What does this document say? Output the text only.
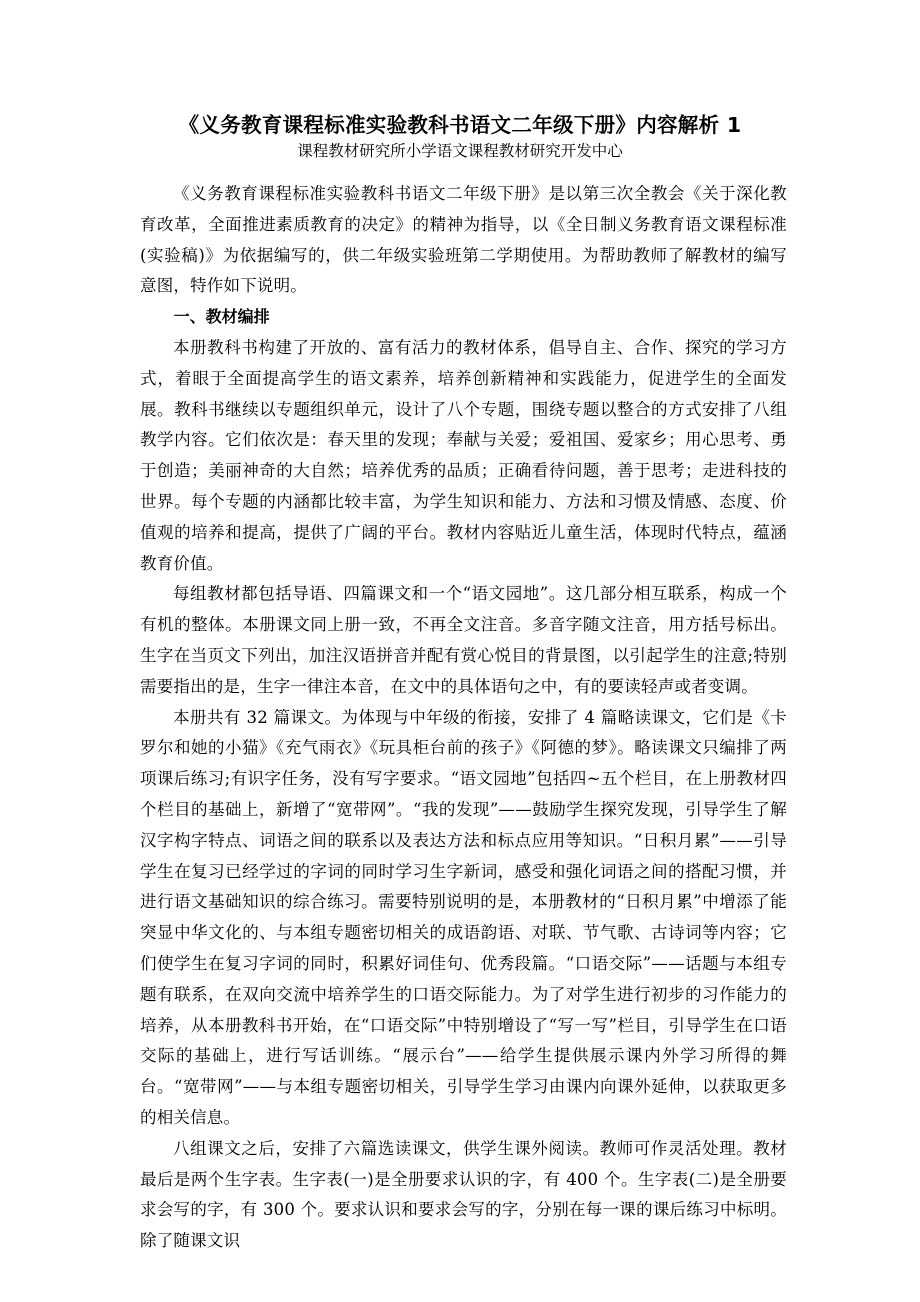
《义务教育课程标准实验教科书语文二年级下册》内容解析 1
课程教材研究所小学语文课程教材研究开发中心

《义务教育课程标准实验教科书语文二年级下册》是以第三次全教会《关于深化教育改革，全面推进素质教育的决定》的精神为指导，以《全日制义务教育语文课程标准(实验稿)》为依据编写的，供二年级实验班第二学期使用。为帮助教师了解教材的编写意图，特作如下说明。

一、教材编排

本册教科书构建了开放的、富有活力的教材体系，倡导自主、合作、探究的学习方式，着眼于全面提高学生的语文素养，培养创新精神和实践能力，促进学生的全面发展。教科书继续以专题组织单元，设计了八个专题，围绕专题以整合的方式安排了八组教学内容。它们依次是：春天里的发现；奉献与关爱；爱祖国、爱家乡；用心思考、勇于创造；美丽神奇的大自然；培养优秀的品质；正确看待问题，善于思考；走进科技的世界。每个专题的内涵都比较丰富，为学生知识和能力、方法和习惯及情感、态度、价值观的培养和提高，提供了广阔的平台。教材内容贴近儿童生活，体现时代特点，蕴涵教育价值。

每组教材都包括导语、四篇课文和一个“语文园地”。这几部分相互联系，构成一个有机的整体。本册课文同上册一致，不再全文注音。多音字随文注音，用方括号标出。生字在当页文下列出，加注汉语拼音并配有赏心悦目的背景图，以引起学生的注意;特别需要指出的是，生字一律注本音，在文中的具体语句之中，有的要读轻声或者变调。

本册共有 32 篇课文。为体现与中年级的衔接，安排了 4 篇略读课文，它们是《卡罗尔和她的小猫》《充气雨衣》《玩具柜台前的孩子》《阿德的梦》。略读课文只编排了两项课后练习;有识字任务，没有写字要求。“语文园地”包括四~五个栏目，在上册教材四个栏目的基础上，新增了“宽带网”。“我的发现”——鼓励学生探究发现，引导学生了解汉字构字特点、词语之间的联系以及表达方法和标点应用等知识。“日积月累”——引导学生在复习已经学过的字词的同时学习生字新词，感受和强化词语之间的搭配习惯，并进行语文基础知识的综合练习。需要特别说明的是，本册教材的“日积月累”中增添了能突显中华文化的、与本组专题密切相关的成语韵语、对联、节气歌、古诗词等内容；它们使学生在复习字词的同时，积累好词佳句、优秀段篇。“口语交际”——话题与本组专题有联系，在双向交流中培养学生的口语交际能力。为了对学生进行初步的习作能力的培养，从本册教科书开始，在“口语交际”中特别增设了“写一写”栏目，引导学生在口语交际的基础上，进行写话训练。“展示台”——给学生提供展示课内外学习所得的舞台。“宽带网”——与本组专题密切相关，引导学生学习由课内向课外延伸，以获取更多的相关信息。

八组课文之后，安排了六篇选读课文，供学生课外阅读。教师可作灵活处理。教材最后是两个生字表。生字表(一)是全册要求认识的字，有 400 个。生字表(二)是全册要求会写的字，有 300 个。要求认识和要求会写的字，分别在每一课的课后练习中标明。除了随课文识
